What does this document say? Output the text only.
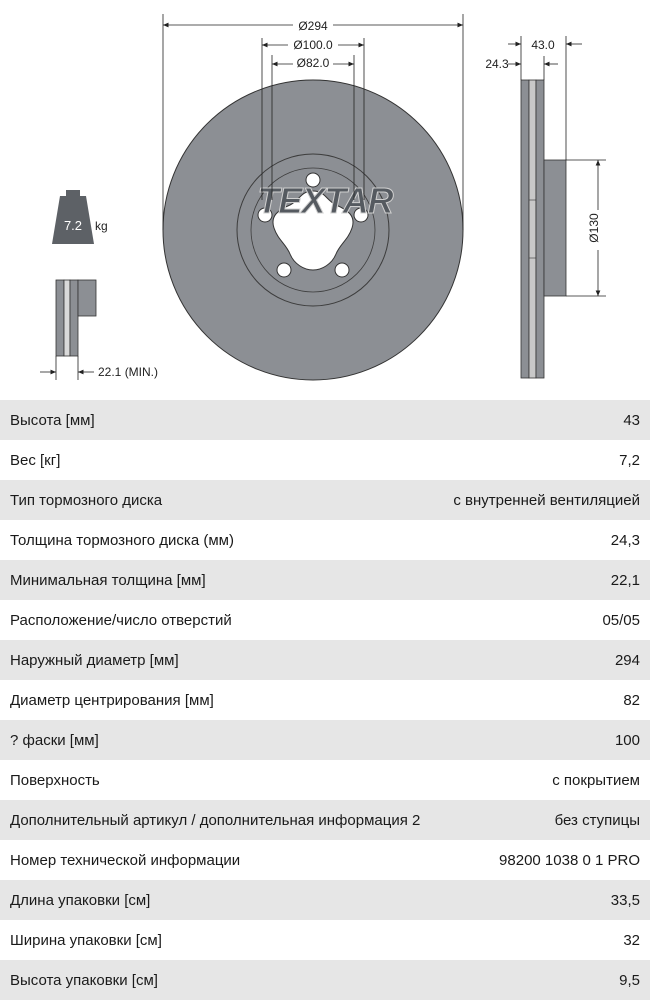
7.2 kg
22.1 (MIN.)
TEXTAR
Ø294
Ø100.0
Ø82.0
43.0
24.3
Ø130
Высота [мм]	43
Вес [кг]	7,2
Тип тормозного диска	с внутренней вентиляцией
Толщина тормозного диска (мм)	24,3
Минимальная толщина [мм]	22,1
Расположение/число отверстий	05/05
Наружный диаметр [мм]	294
Диаметр центрирования [мм]	82
? фаски [мм]	100
Поверхность	с покрытием
Дополнительный артикул / дополнительная информация 2	без ступицы
Номер технической информации	98200 1038 0 1 PRO
Длина упаковки [см]	33,5
Ширина упаковки [см]	32
Высота упаковки [см]	9,5
